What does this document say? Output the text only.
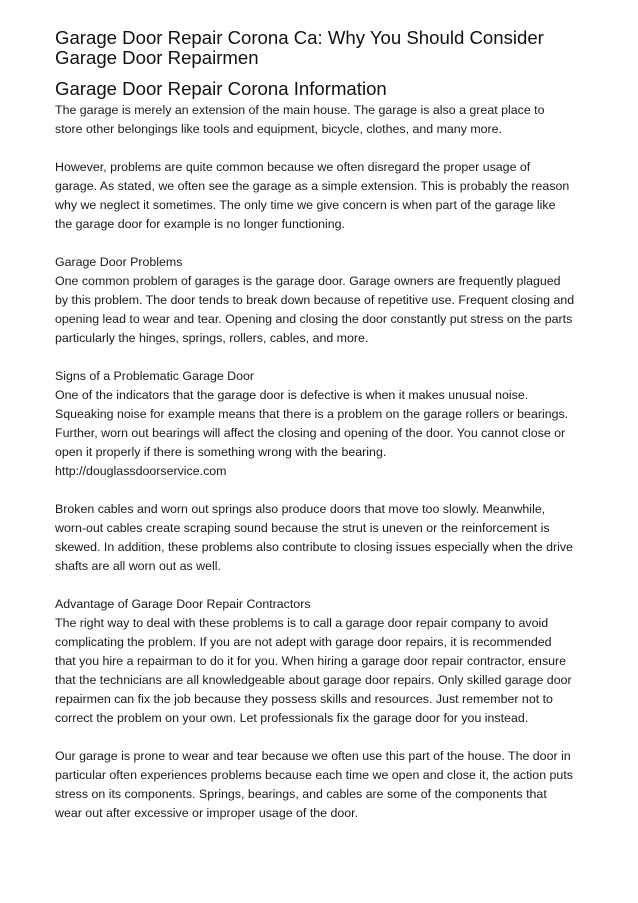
Garage Door Repair Corona Ca: Why You Should Consider Garage Door Repairmen
Garage Door Repair Corona Information

The garage is merely an extension of the main house. The garage is also a great place to store other belongings like tools and equipment, bicycle, clothes, and many more.

However, problems are quite common because we often disregard the proper usage of garage. As stated, we often see the garage as a simple extension. This is probably the reason why we neglect it sometimes. The only time we give concern is when part of the garage like the garage door for example is no longer functioning.

Garage Door Problems
One common problem of garages is the garage door. Garage owners are frequently plagued by this problem. The door tends to break down because of repetitive use. Frequent closing and opening lead to wear and tear. Opening and closing the door constantly put stress on the parts particularly the hinges, springs, rollers, cables, and more.

Signs of a Problematic Garage Door
One of the indicators that the garage door is defective is when it makes unusual noise. Squeaking noise for example means that there is a problem on the garage rollers or bearings. Further, worn out bearings will affect the closing and opening of the door. You cannot close or open it properly if there is something wrong with the bearing.
http://douglassdoorservice.com

Broken cables and worn out springs also produce doors that move too slowly. Meanwhile, worn-out cables create scraping sound because the strut is uneven or the reinforcement is skewed. In addition, these problems also contribute to closing issues especially when the drive shafts are all worn out as well.

Advantage of Garage Door Repair Contractors
The right way to deal with these problems is to call a garage door repair company to avoid complicating the problem. If you are not adept with garage door repairs, it is recommended that you hire a repairman to do it for you. When hiring a garage door repair contractor, ensure that the technicians are all knowledgeable about garage door repairs. Only skilled garage door repairmen can fix the job because they possess skills and resources. Just remember not to correct the problem on your own. Let professionals fix the garage door for you instead.

Our garage is prone to wear and tear because we often use this part of the house. The door in particular often experiences problems because each time we open and close it, the action puts stress on its components. Springs, bearings, and cables are some of the components that wear out after excessive or improper usage of the door.
